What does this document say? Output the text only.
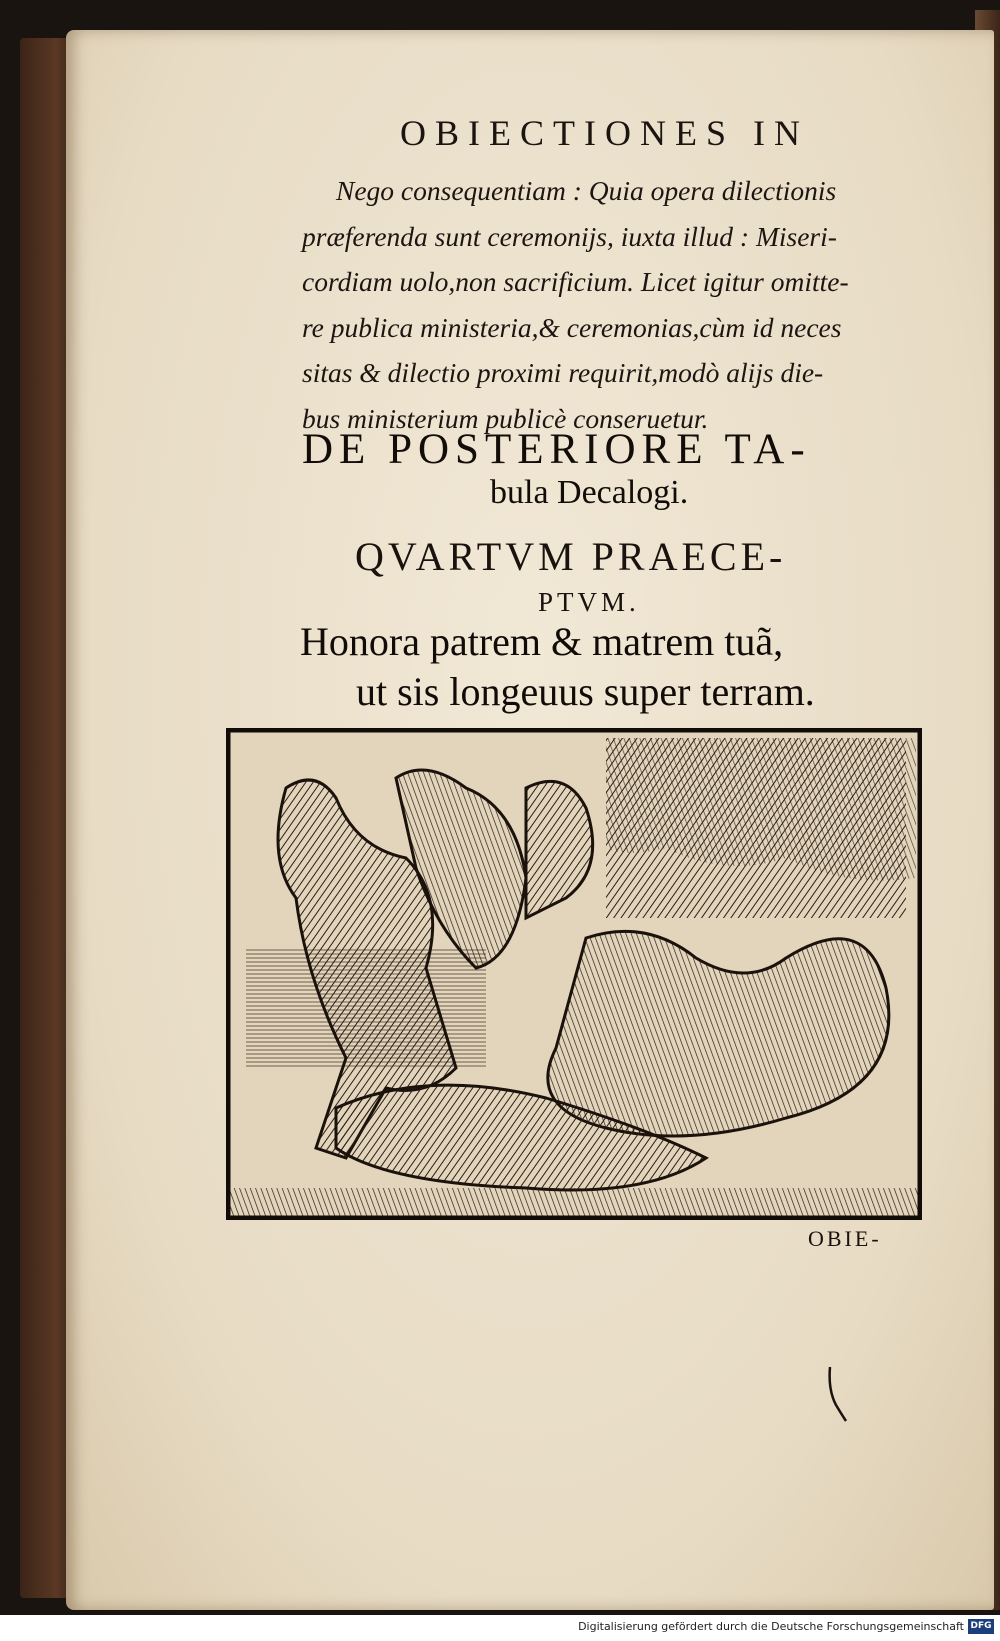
OBIECTIONES IN
Nego consequentiam : Quia opera dilectionis
præferenda sunt ceremonijs, iuxta illud : Miseri-
cordiam uolo,non sacrificium. Licet igitur omitte-
re publica ministeria,& ceremonias,cùm id neces
sitas & dilectio proximi requirit,modò alijs die-
bus ministerium publicè conseruetur.
DE POSTERIORE TA-
bula Decalogi.
QVARTVM PRAECE-
PTVM.
Honora patrem & matrem tuã,
ut sis longeuus super terram.
OBIE-
Digitalisierung gefördert durch die Deutsche Forschungsgemeinschaft DFG
